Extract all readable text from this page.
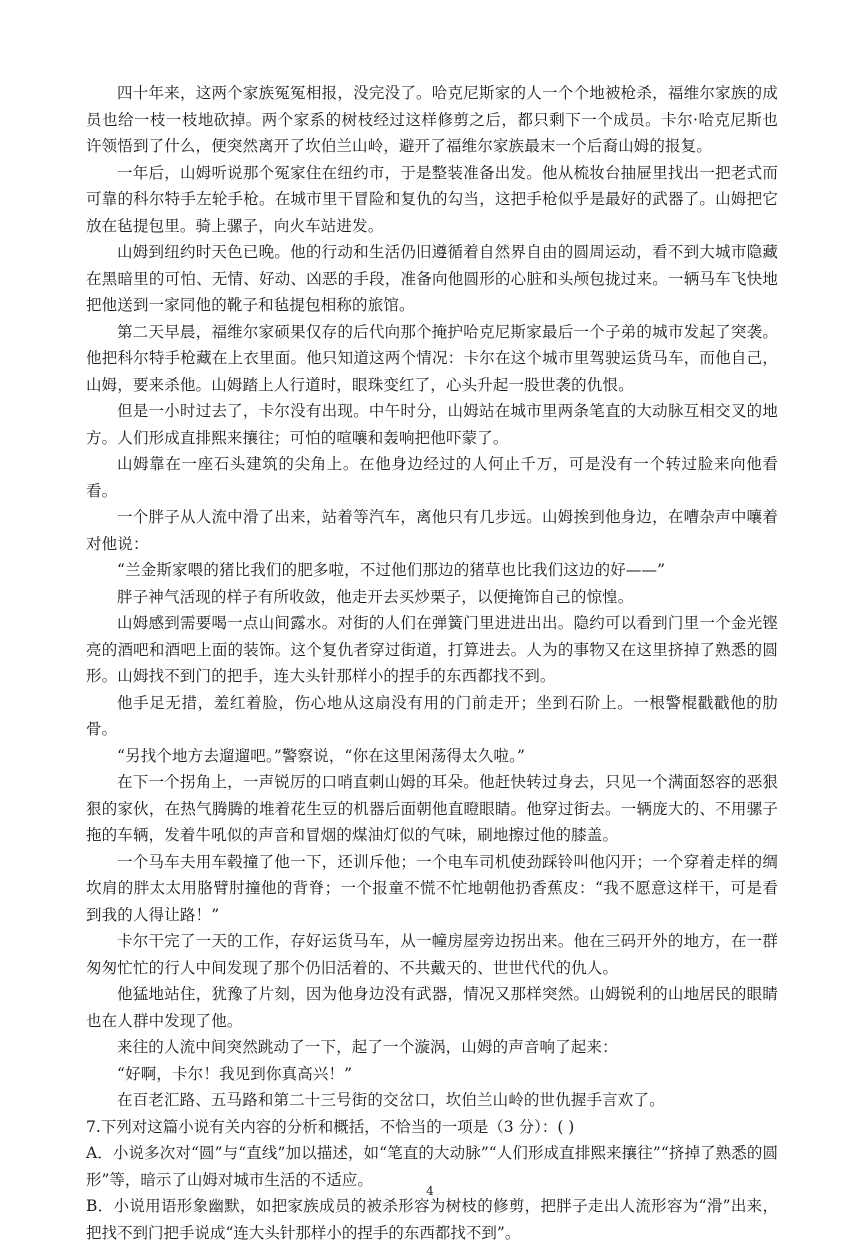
四十年来，这两个家族冤冤相报，没完没了。哈克尼斯家的人一个个地被枪杀，福维尔家族的成员也给一枝一枝地砍掉。两个家系的树枝经过这样修剪之后，都只剩下一个成员。卡尔·哈克尼斯也许领悟到了什么，便突然离开了坎伯兰山岭，避开了福维尔家族最末一个后裔山姆的报复。

一年后，山姆听说那个冤家住在纽约市，于是整装准备出发。他从梳妆台抽屉里找出一把老式而可靠的科尔特手左轮手枪。在城市里干冒险和复仇的勾当，这把手枪似乎是最好的武器了。山姆把它放在毡提包里。骑上骡子，向火车站进发。

山姆到纽约时天色已晚。他的行动和生活仍旧遵循着自然界自由的圆周运动，看不到大城市隐藏在黑暗里的可怕、无情、好动、凶恶的手段，准备向他圆形的心脏和头颅包拢过来。一辆马车飞快地把他送到一家同他的靴子和毡提包相称的旅馆。

第二天早晨，福维尔家硕果仅存的后代向那个掩护哈克尼斯家最后一个子弟的城市发起了突袭。他把科尔特手枪藏在上衣里面。他只知道这两个情况：卡尔在这个城市里驾驶运货马车，而他自己，山姆，要来杀他。山姆踏上人行道时，眼珠变红了，心头升起一股世袭的仇恨。

但是一小时过去了，卡尔没有出现。中午时分，山姆站在城市里两条笔直的大动脉互相交叉的地方。人们形成直排熙来攘往；可怕的喧嚷和轰响把他吓蒙了。

山姆靠在一座石头建筑的尖角上。在他身边经过的人何止千万，可是没有一个转过脸来向他看看。

一个胖子从人流中滑了出来，站着等汽车，离他只有几步远。山姆挨到他身边，在嘈杂声中嚷着对他说：

“兰金斯家喂的猪比我们的肥多啦，不过他们那边的猪草也比我们这边的好——”

胖子神气活现的样子有所收敛，他走开去买炒栗子，以便掩饰自己的惊惶。

山姆感到需要喝一点山间露水。对街的人们在弹簧门里进进出出。隐约可以看到门里一个金光铿亮的酒吧和酒吧上面的装饰。这个复仇者穿过街道，打算进去。人为的事物又在这里挤掉了熟悉的圆形。山姆找不到门的把手，连大头针那样小的捏手的东西都找不到。

他手足无措，羞红着脸，伤心地从这扇没有用的门前走开；坐到石阶上。一根警棍戳戳他的肋骨。

“另找个地方去遛遛吧。”警察说，“你在这里闲荡得太久啦。”

在下一个拐角上，一声锐厉的口哨直刺山姆的耳朵。他赶快转过身去，只见一个满面怒容的恶狠狠的家伙，在热气腾腾的堆着花生豆的机器后面朝他直瞪眼睛。他穿过街去。一辆庞大的、不用骡子拖的车辆，发着牛吼似的声音和冒烟的煤油灯似的气味，刷地擦过他的膝盖。

一个马车夫用车毂撞了他一下，还训斥他；一个电车司机使劲踩铃叫他闪开；一个穿着走样的绸坎肩的胖太太用胳臂肘撞他的背脊；一个报童不慌不忙地朝他扔香蕉皮：“我不愿意这样干，可是看到我的人得让路！”

卡尔干完了一天的工作，存好运货马车，从一幢房屋旁边拐出来。他在三码开外的地方，在一群匆匆忙忙的行人中间发现了那个仍旧活着的、不共戴天的、世世代代的仇人。

他猛地站住，犹豫了片刻，因为他身边没有武器，情况又那样突然。山姆锐利的山地居民的眼睛也在人群中发现了他。

来往的人流中间突然跳动了一下，起了一个漩涡，山姆的声音响了起来：

“好啊，卡尔！我见到你真高兴！”

在百老汇路、五马路和第二十三号街的交岔口，坎伯兰山岭的世仇握手言欢了。

7.下列对这篇小说有关内容的分析和概括，不恰当的一项是（3 分）：( )

A．小说多次对“圆”与“直线”加以描述，如“笔直的大动脉”“人们形成直排熙来攘往”“挤掉了熟悉的圆形”等，暗示了山姆对城市生活的不适应。

B．小说用语形象幽默，如把家族成员的被杀形容为树枝的修剪，把胖子走出人流形容为“滑”出来，把找不到门把手说成“连大头针那样小的捏手的东西都找不到”。

4
